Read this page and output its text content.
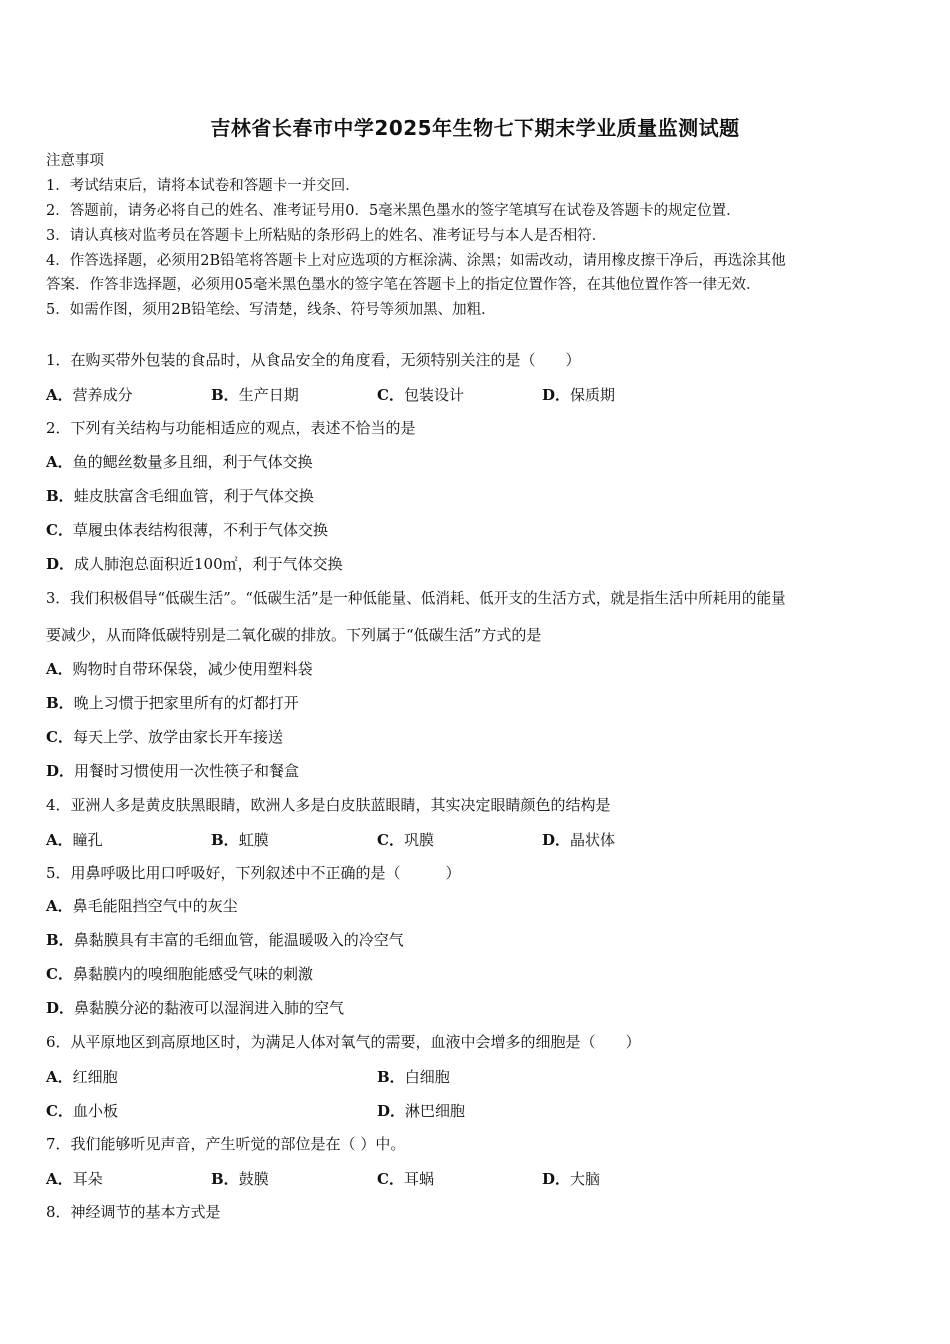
吉林省长春市中学2025年生物七下期末学业质量监测试题
注意事项
1．考试结束后，请将本试卷和答题卡一并交回．
2．答题前，请务必将自己的姓名、准考证号用0．5毫米黑色墨水的签字笔填写在试卷及答题卡的规定位置．
3．请认真核对监考员在答题卡上所粘贴的条形码上的姓名、准考证号与本人是否相符．
4．作答选择题，必须用2B铅笔将答题卡上对应选项的方框涂满、涂黑；如需改动，请用橡皮擦干净后，再选涂其他
答案．作答非选择题，必须用05毫米黑色墨水的签字笔在答题卡上的指定位置作答，在其他位置作答一律无效．
5．如需作图，须用2B铅笔绘、写清楚，线条、符号等须加黑、加粗．
1．在购买带外包装的食品时，从食品安全的角度看，无须特别关注的是（　　）
A．营养成分	B．生产日期	C．包装设计	D．保质期
2．下列有关结构与功能相适应的观点，表述不恰当的是
A．鱼的鳃丝数量多且细，利于气体交换
B．蛙皮肤富含毛细血管，利于气体交换
C．草履虫体表结构很薄，不利于气体交换
D．成人肺泡总面积近100㎡，利于气体交换
3．我们积极倡导“低碳生活”。“低碳生活”是一种低能量、低消耗、低开支的生活方式，就是指生活中所耗用的能量
要减少，从而降低碳特别是二氧化碳的排放。下列属于“低碳生活”方式的是
A．购物时自带环保袋，减少使用塑料袋
B．晚上习惯于把家里所有的灯都打开
C．每天上学、放学由家长开车接送
D．用餐时习惯使用一次性筷子和餐盒
4．亚洲人多是黄皮肤黑眼睛，欧洲人多是白皮肤蓝眼睛，其实决定眼睛颜色的结构是
A．瞳孔	B．虹膜	C．巩膜	D．晶状体
5．用鼻呼吸比用口呼吸好，下列叙述中不正确的是（　　　）
A．鼻毛能阻挡空气中的灰尘
B．鼻黏膜具有丰富的毛细血管，能温暖吸入的冷空气
C．鼻黏膜内的嗅细胞能感受气味的刺激
D．鼻黏膜分泌的黏液可以湿润进入肺的空气
6．从平原地区到高原地区时，为满足人体对氧气的需要，血液中会增多的细胞是（　　）
A．红细胞	B．白细胞
C．血小板	D．淋巴细胞
7．我们能够听见声音，产生听觉的部位是在（ ）中。
A．耳朵	B．鼓膜	C．耳蜗	D．大脑
8．神经调节的基本方式是
